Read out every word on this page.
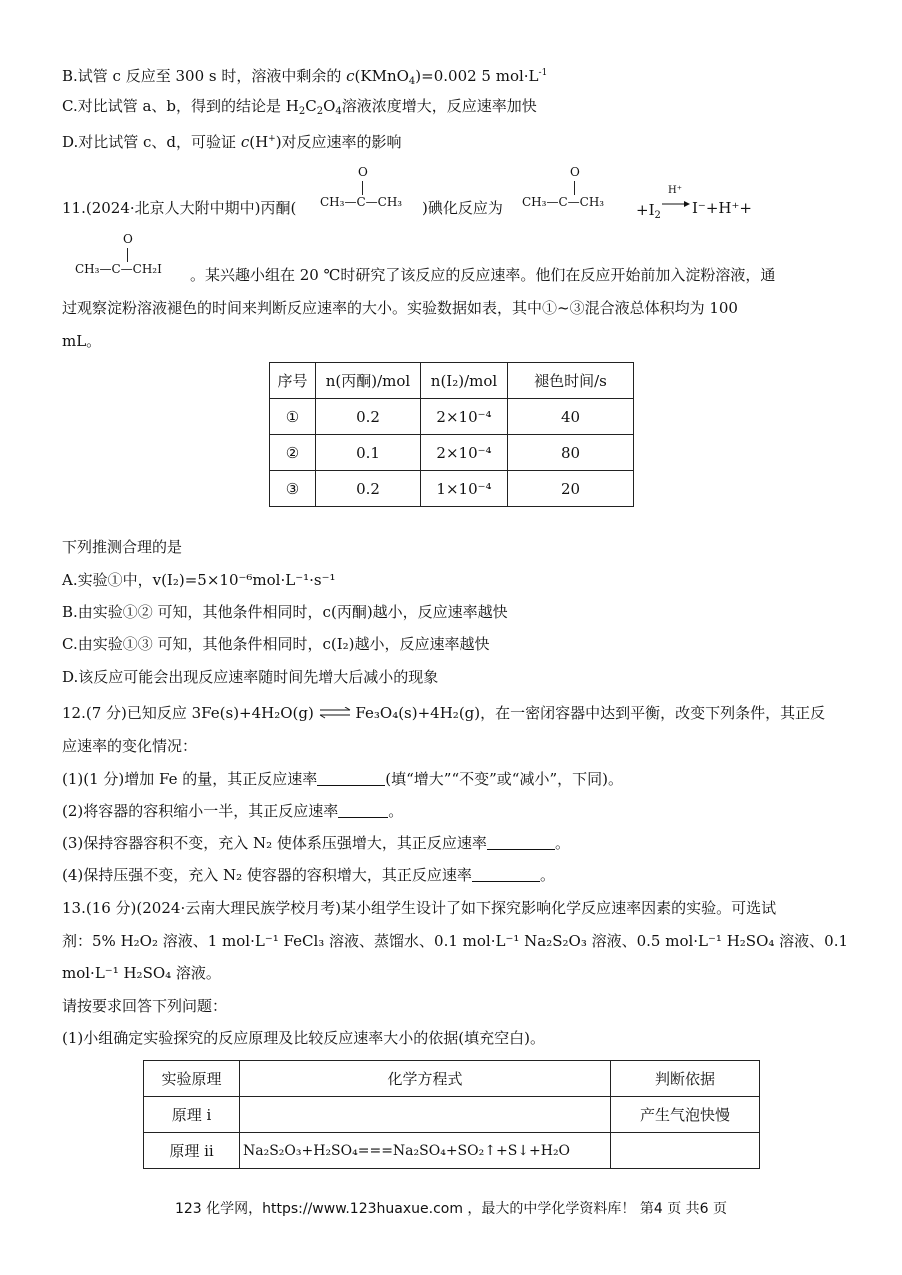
B.试管 c 反应至 300 s 时，溶液中剩余的 c(KMnO$_4$)=0.002 5 $mol\cdot L^{-1}$
C.对比试管 a、b，得到的结论是 $H_2C_2O_4$溶液浓度增大，反应速率加快
D.对比试管 c、d，可验证 c(H+)对反应速率的影响
11.(2024·北京人大附中期中)丙酮(
O
CH₃—C—CH₃ )碘化反应为
O
CH₃—C—CH₃ $+I_2$
H⁺
I⁻+H⁺+
O
CH₃—C—CH₂I 。某兴趣小组在 20 ℃时研究了该反应的反应速率。他们在反应开始前加入淀粉溶液，通
过观察淀粉溶液褪色的时间来判断反应速率的大小。实验数据如表，其中①~③混合液总体积均为 100
mL。
序号	n(丙酮)/mol	n(I₂)/mol	褪色时间/s
①	0.2	2×10⁻⁴	40
②	0.1	2×10⁻⁴	80
③	0.2	1×10⁻⁴	20
下列推测合理的是
A.实验①中，v(I₂)=5×10⁻⁶mol·L⁻¹·s⁻¹
B.由实验①② 可知，其他条件相同时，c(丙酮)越小，反应速率越快
C.由实验①③ 可知，其他条件相同时，c(I₂)越小，反应速率越快
D.该反应可能会出现反应速率随时间先增大后减小的现象
12.(7 分)已知反应 3Fe(s)+4H₂O(g) ⇌ Fe₃O₄(s)+4H₂(g)，在一密闭容器中达到平衡，改变下列条件，其正反
应速率的变化情况：
(1)(1 分)增加 Fe 的量，其正反应速率	(填“增大”“不变”或“减小”，下同)。
(2)将容器的容积缩小一半，其正反应速率	。
(3)保持容器容积不变，充入 N₂ 使体系压强增大，其正反应速率	。
(4)保持压强不变，充入 N₂ 使容器的容积增大，其正反应速率	。
13.(16 分)(2024·云南大理民族学校月考)某小组学生设计了如下探究影响化学反应速率因素的实验。可选试
剂：5% H₂O₂ 溶液、1 mol·L⁻¹ FeCl₃ 溶液、蒸馏水、0.1 mol·L⁻¹ Na₂S₂O₃ 溶液、0.5 mol·L⁻¹ H₂SO₄ 溶液、0.1
mol·L⁻¹ H₂SO₄ 溶液。
请按要求回答下列问题：
(1)小组确定实验探究的反应原理及比较反应速率大小的依据(填充空白)。
实验原理	化学方程式	判断依据
原理 i		产生气泡快慢
原理 ii	Na₂S₂O₃+H₂SO₄===Na₂SO₄+SO₂↑+S↓+H₂O	
123 化学网，https://www.123huaxue.com ，最大的中学化学资料库！ 第4 页 共6 页
